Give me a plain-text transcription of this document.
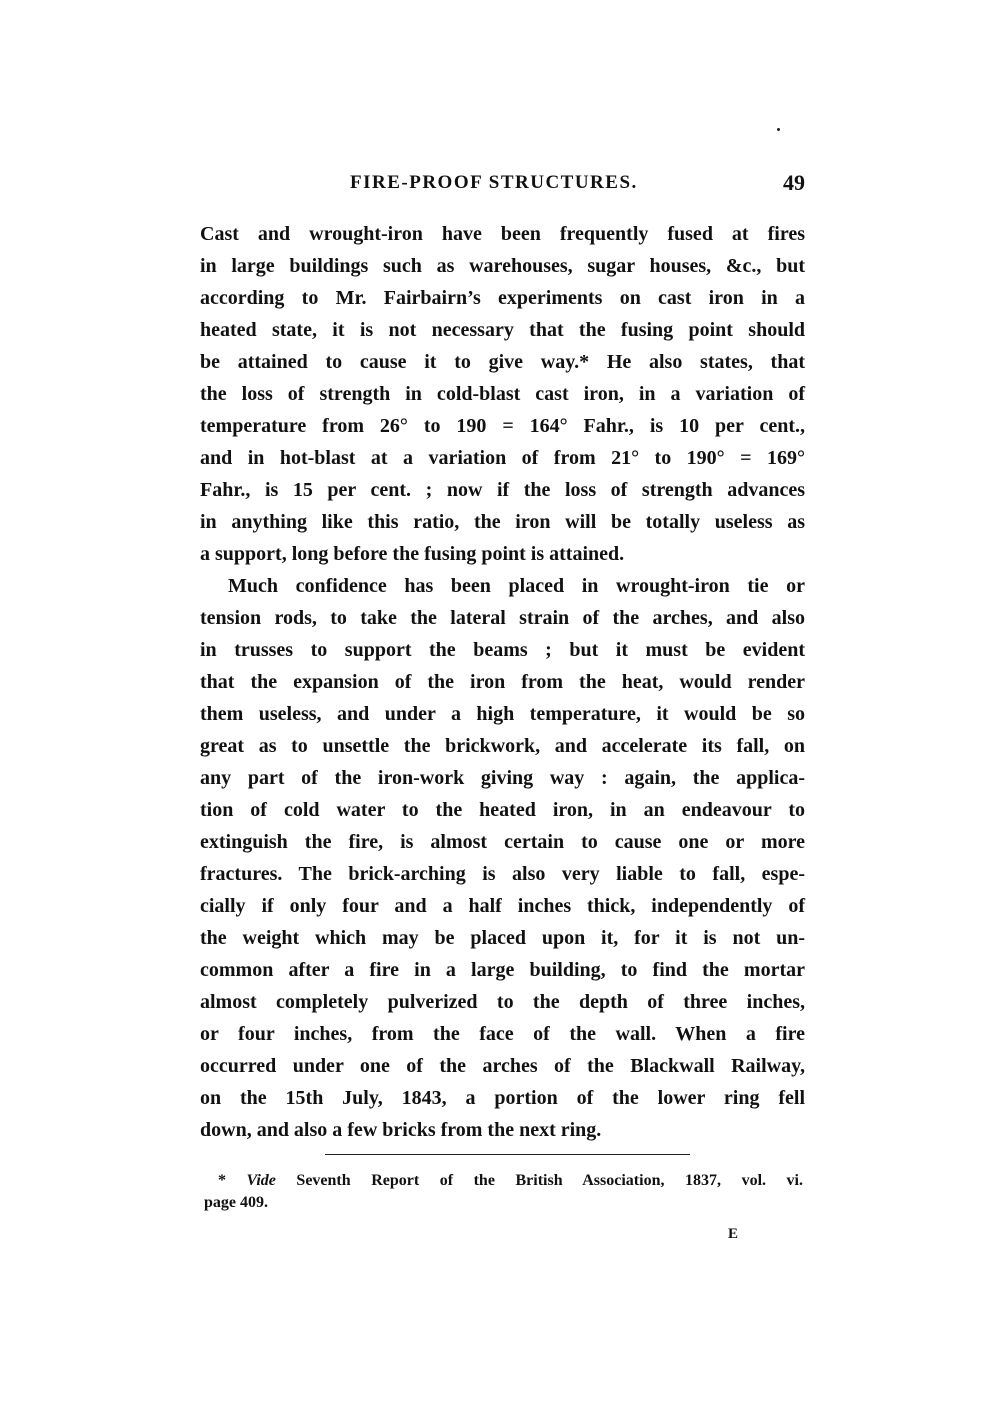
FIRE-PROOF STRUCTURES.	49
Cast and wrought-iron have been frequently fused at fires
in large buildings such as warehouses, sugar houses, &c., but
according to Mr. Fairbairn’s experiments on cast iron in a
heated state, it is not necessary that the fusing point should
be attained to cause it to give way.* He also states, that
the loss of strength in cold-blast cast iron, in a variation of
temperature from 26° to 190 = 164° Fahr., is 10 per cent.,
and in hot-blast at a variation of from 21° to 190° = 169°
Fahr., is 15 per cent. ; now if the loss of strength advances
in anything like this ratio, the iron will be totally useless as
a support, long before the fusing point is attained.
Much confidence has been placed in wrought-iron tie or
tension rods, to take the lateral strain of the arches, and also
in trusses to support the beams ; but it must be evident
that the expansion of the iron from the heat, would render
them useless, and under a high temperature, it would be so
great as to unsettle the brickwork, and accelerate its fall, on
any part of the iron-work giving way : again, the applica-
tion of cold water to the heated iron, in an endeavour to
extinguish the fire, is almost certain to cause one or more
fractures. The brick-arching is also very liable to fall, espe-
cially if only four and a half inches thick, independently of
the weight which may be placed upon it, for it is not un-
common after a fire in a large building, to find the mortar
almost completely pulverized to the depth of three inches,
or four inches, from the face of the wall. When a fire
occurred under one of the arches of the Blackwall Railway,
on the 15th July, 1843, a portion of the lower ring fell
down, and also a few bricks from the next ring.
* Vide Seventh Report of the British Association, 1837, vol. vi.
page 409.
E
